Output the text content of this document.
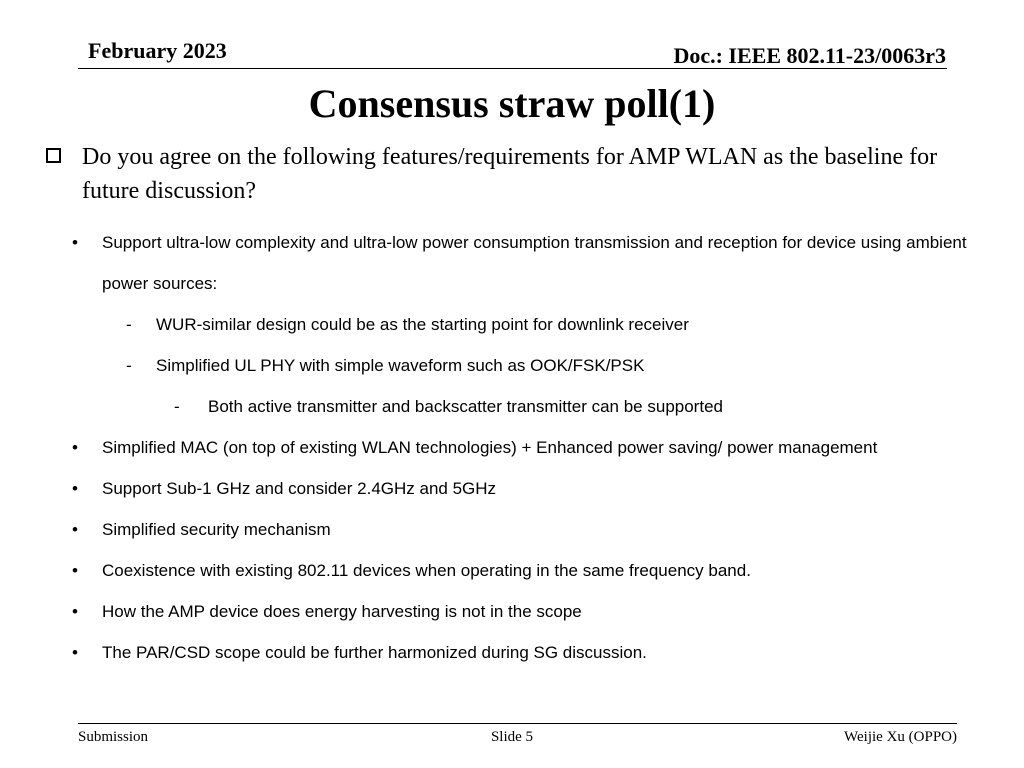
February 2023	Doc.: IEEE 802.11-23/0063r3
Consensus straw poll(1)
Do you agree on the following features/requirements for AMP WLAN as the baseline for future discussion?
• Support ultra-low complexity and ultra-low power consumption transmission and reception for device using ambient power sources:
- WUR-similar design could be as the starting point for downlink receiver
- Simplified UL PHY with simple waveform such as OOK/FSK/PSK
- Both active transmitter and backscatter transmitter can be supported
• Simplified MAC (on top of existing WLAN technologies) + Enhanced power saving/ power management
• Support Sub-1 GHz and consider 2.4GHz and 5GHz
• Simplified security mechanism
• Coexistence with existing 802.11 devices when operating in the same frequency band.
• How the AMP device does energy harvesting is not in the scope
• The PAR/CSD scope could be further harmonized during SG discussion.
Submission	Slide 5	Weijie Xu (OPPO)
